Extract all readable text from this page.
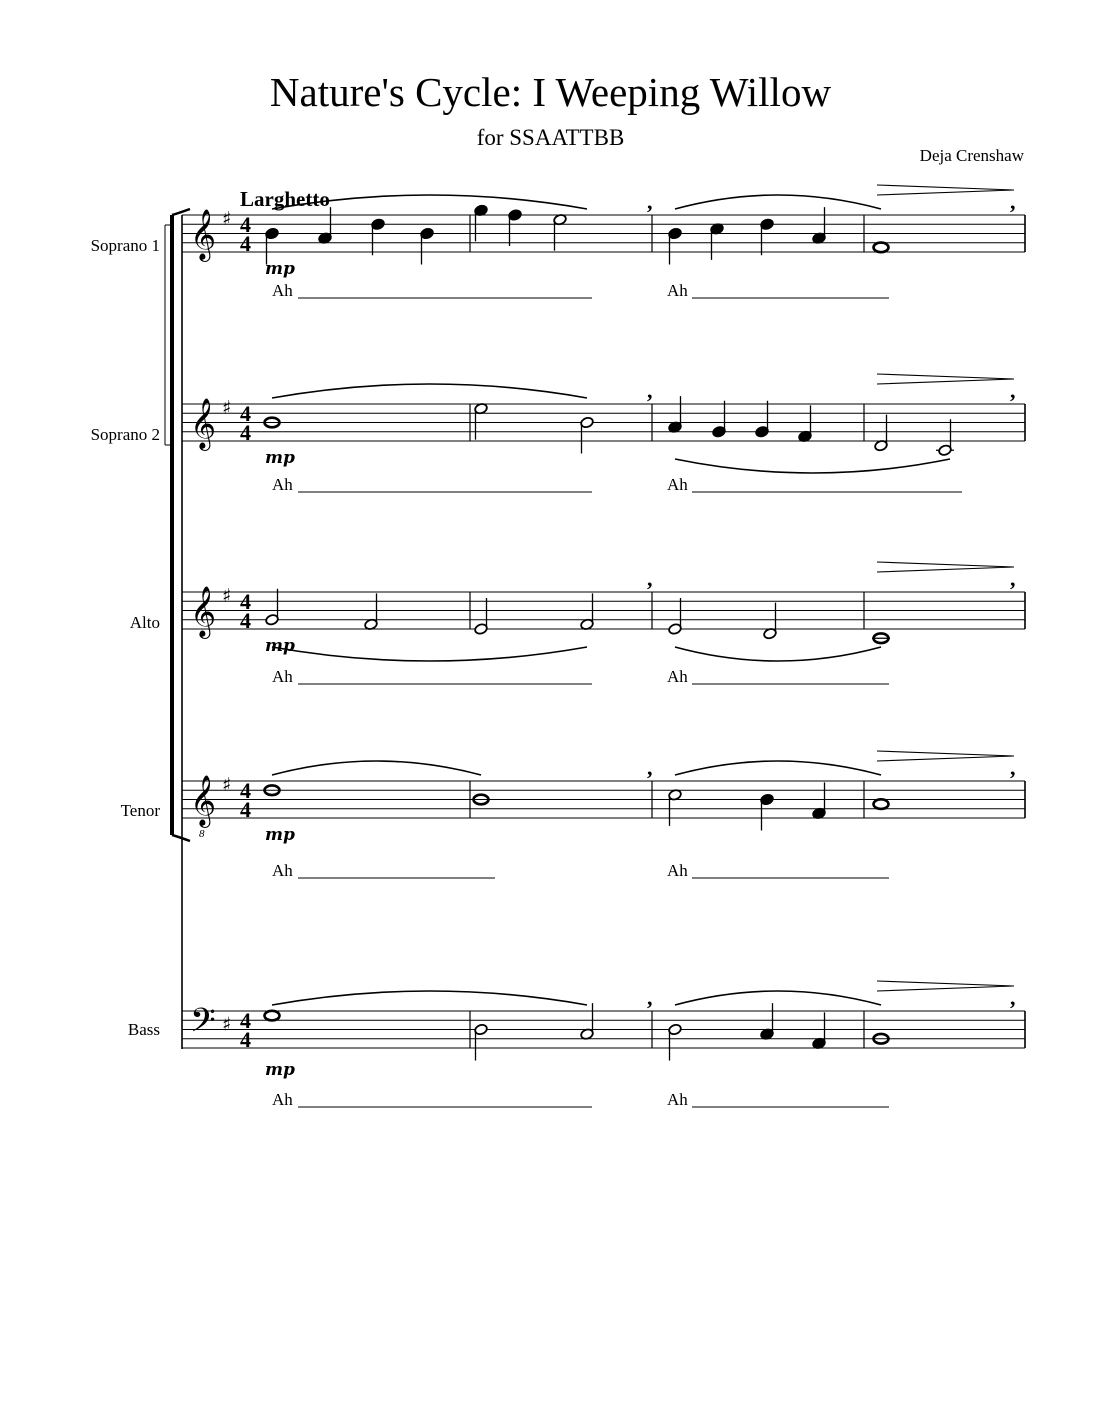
Nature's Cycle: I Weeping Willow
for SSAATTBB
Deja Crenshaw
Larghetto
Soprano 1
Soprano 2
Alto
Tenor
Bass
𝄞 ♯ 4
4
,	,
mp
Ah	Ah
𝄞 ♯ 4
4
,	,
mp
Ah	Ah
𝄞 ♯ 4
4
,	,
mp
Ah	Ah
𝄞
8
♯ 4
4
,	,
mp
Ah	Ah
𝄢 ♯ 4
4
,	,
mp
Ah	Ah
